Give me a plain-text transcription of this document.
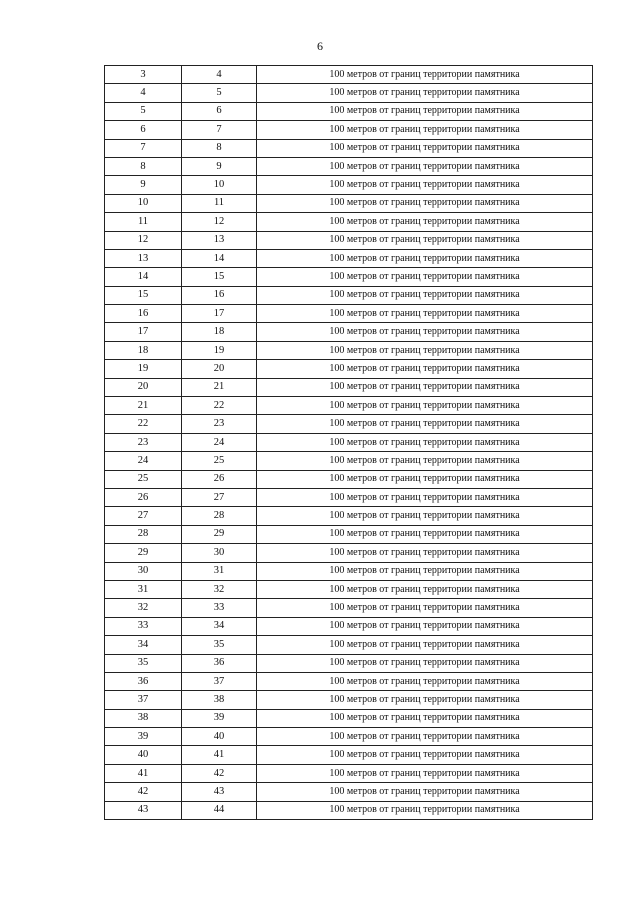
6
3	4	100 метров от границ территории памятника
4	5	100 метров от границ территории памятника
5	6	100 метров от границ территории памятника
6	7	100 метров от границ территории памятника
7	8	100 метров от границ территории памятника
8	9	100 метров от границ территории памятника
9	10	100 метров от границ территории памятника
10	11	100 метров от границ территории памятника
11	12	100 метров от границ территории памятника
12	13	100 метров от границ территории памятника
13	14	100 метров от границ территории памятника
14	15	100 метров от границ территории памятника
15	16	100 метров от границ территории памятника
16	17	100 метров от границ территории памятника
17	18	100 метров от границ территории памятника
18	19	100 метров от границ территории памятника
19	20	100 метров от границ территории памятника
20	21	100 метров от границ территории памятника
21	22	100 метров от границ территории памятника
22	23	100 метров от границ территории памятника
23	24	100 метров от границ территории памятника
24	25	100 метров от границ территории памятника
25	26	100 метров от границ территории памятника
26	27	100 метров от границ территории памятника
27	28	100 метров от границ территории памятника
28	29	100 метров от границ территории памятника
29	30	100 метров от границ территории памятника
30	31	100 метров от границ территории памятника
31	32	100 метров от границ территории памятника
32	33	100 метров от границ территории памятника
33	34	100 метров от границ территории памятника
34	35	100 метров от границ территории памятника
35	36	100 метров от границ территории памятника
36	37	100 метров от границ территории памятника
37	38	100 метров от границ территории памятника
38	39	100 метров от границ территории памятника
39	40	100 метров от границ территории памятника
40	41	100 метров от границ территории памятника
41	42	100 метров от границ территории памятника
42	43	100 метров от границ территории памятника
43	44	100 метров от границ территории памятника
